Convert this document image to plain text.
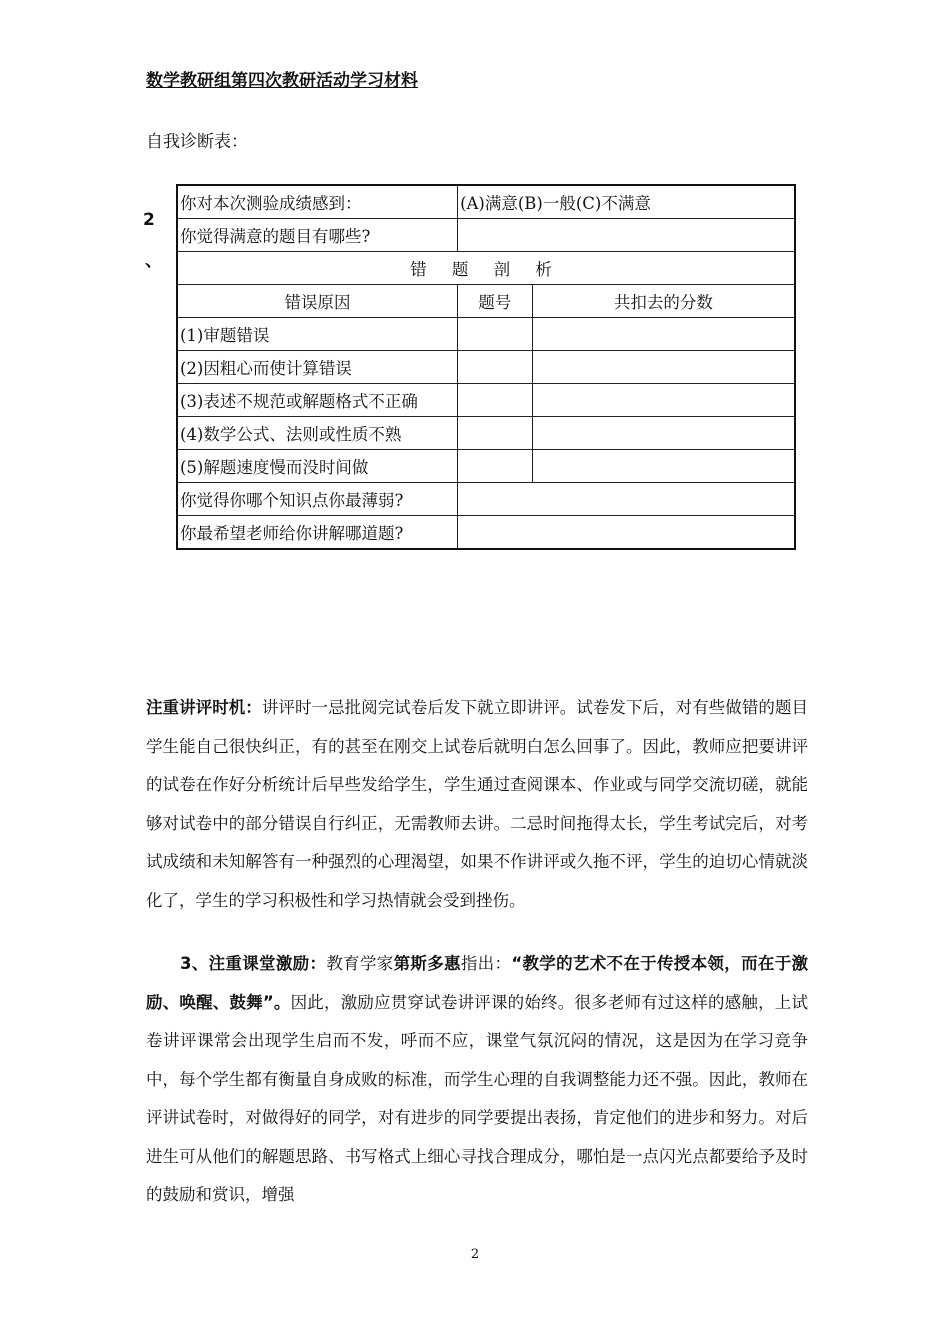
数学教研组第四次教研活动学习材料
自我诊断表：
2
、
你对本次测验成绩感到：	(A)满意(B)一般(C)不满意	
你觉得满意的题目有哪些?		
错 题 剖 析		
错误原因	题号	共扣去的分数
(1)审题错误		
(2)因粗心而使计算错误		
(3)表述不规范或解题格式不正确		
(4)数学公式、法则或性质不熟		
(5)解题速度慢而没时间做		
你觉得你哪个知识点你最薄弱?		
你最希望老师给你讲解哪道题?		
注重讲评时机：讲评时一忌批阅完试卷后发下就立即讲评。试卷发下后，对有些做错的题目学生能自己很快纠正，有的甚至在刚交上试卷后就明白怎么回事了。因此，教师应把要讲评的试卷在作好分析统计后早些发给学生，学生通过查阅课本、作业或与同学交流切磋，就能够对试卷中的部分错误自行纠正，无需教师去讲。二忌时间拖得太长，学生考试完后，对考试成绩和未知解答有一种强烈的心理渴望，如果不作讲评或久拖不评，学生的迫切心情就淡化了，学生的学习积极性和学习热情就会受到挫伤。
3、注重课堂激励：教育学家第斯多惠指出：“教学的艺术不在于传授本领，而在于激励、唤醒、鼓舞”。因此，激励应贯穿试卷讲评课的始终。很多老师有过这样的感触，上试卷讲评课常会出现学生启而不发，呼而不应，课堂气氛沉闷的情况，这是因为在学习竞争中，每个学生都有衡量自身成败的标准，而学生心理的自我调整能力还不强。因此，教师在评讲试卷时，对做得好的同学，对有进步的同学要提出表扬，肯定他们的进步和努力。对后进生可从他们的解题思路、书写格式上细心寻找合理成分，哪怕是一点闪光点都要给予及时的鼓励和赏识，增强
2
